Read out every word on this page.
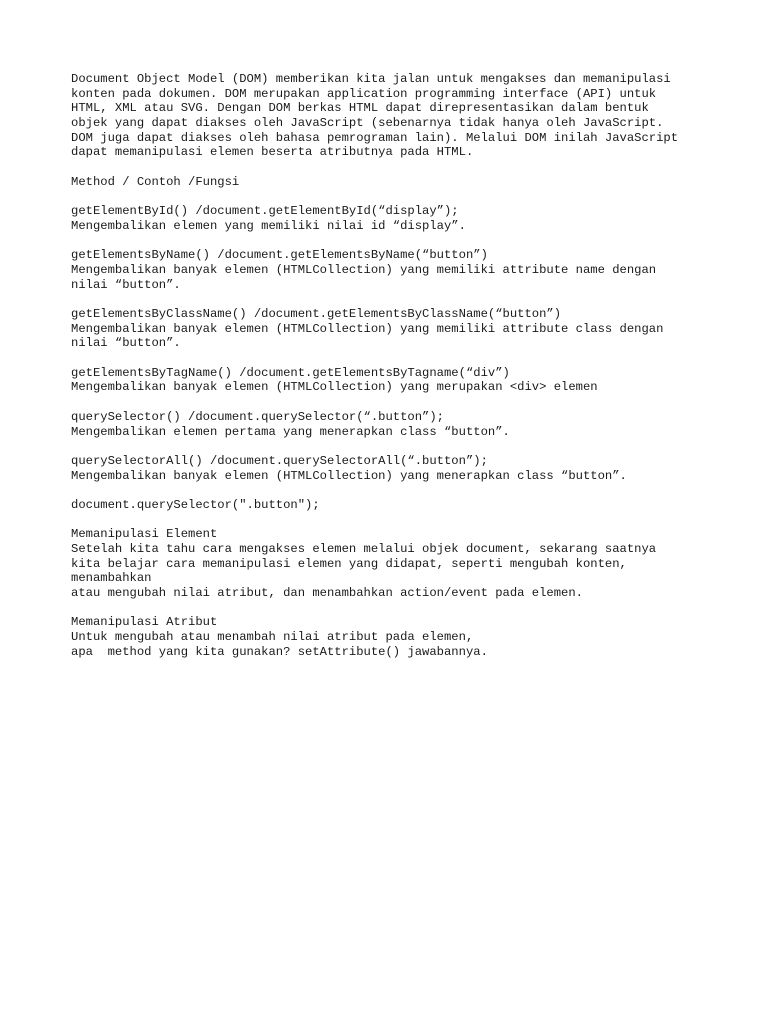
Document Object Model (DOM) memberikan kita jalan untuk mengakses dan memanipulasi
konten pada dokumen. DOM merupakan application programming interface (API) untuk
HTML, XML atau SVG. Dengan DOM berkas HTML dapat direpresentasikan dalam bentuk
objek yang dapat diakses oleh JavaScript (sebenarnya tidak hanya oleh JavaScript.
DOM juga dapat diakses oleh bahasa pemrograman lain). Melalui DOM inilah JavaScript
dapat memanipulasi elemen beserta atributnya pada HTML.
Method / Contoh /Fungsi
getElementById() /document.getElementById(“display”);
Mengembalikan elemen yang memiliki nilai id “display”.
getElementsByName() /document.getElementsByName(“button”)
Mengembalikan banyak elemen (HTMLCollection) yang memiliki attribute name dengan
nilai “button”.
getElementsByClassName() /document.getElementsByClassName(“button”)
Mengembalikan banyak elemen (HTMLCollection) yang memiliki attribute class dengan
nilai “button”.
getElementsByTagName() /document.getElementsByTagname(“div”)
Mengembalikan banyak elemen (HTMLCollection) yang merupakan <div> elemen
querySelector() /document.querySelector(“.button”);
Mengembalikan elemen pertama yang menerapkan class “button”.
querySelectorAll() /document.querySelectorAll(“.button”);
Mengembalikan banyak elemen (HTMLCollection) yang menerapkan class “button”.
document.querySelector(".button");
Memanipulasi Element
Setelah kita tahu cara mengakses elemen melalui objek document, sekarang saatnya
kita belajar cara memanipulasi elemen yang didapat, seperti mengubah konten,
menambahkan
atau mengubah nilai atribut, dan menambahkan action/event pada elemen.
Memanipulasi Atribut
Untuk mengubah atau menambah nilai atribut pada elemen,
apa  method yang kita gunakan? setAttribute() jawabannya.
